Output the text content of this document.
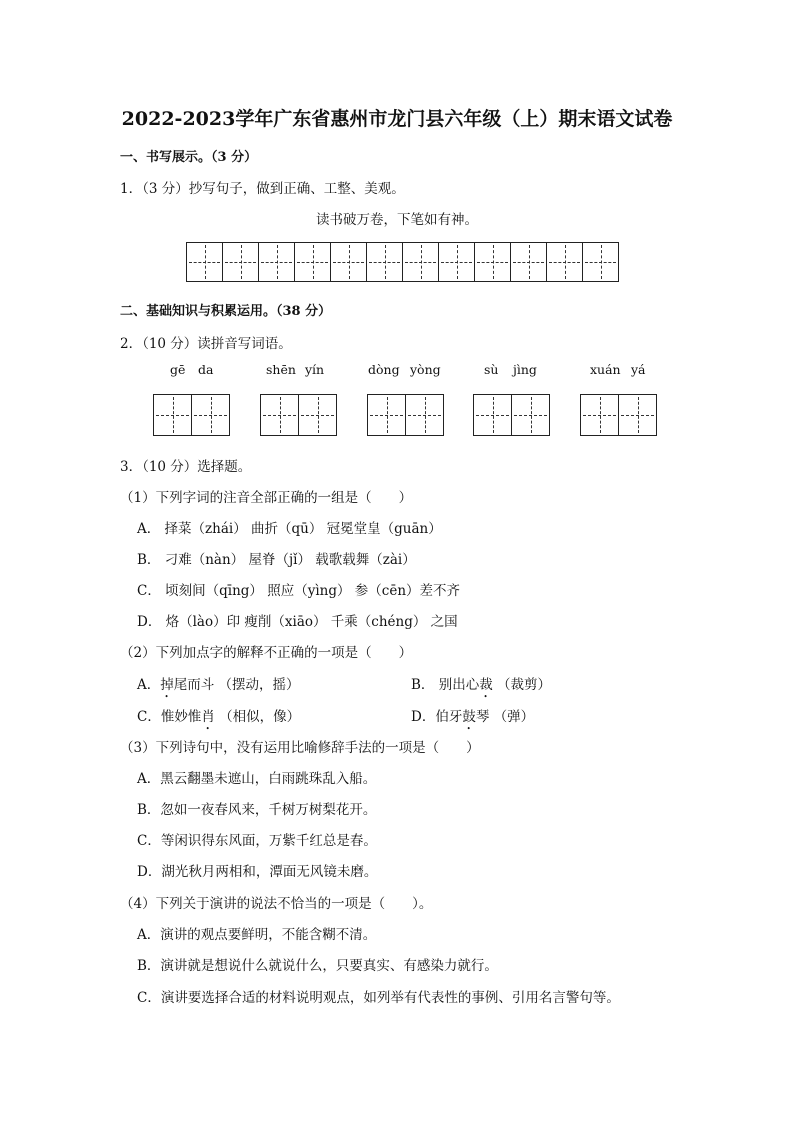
2022-2023学年广东省惠州市龙门县六年级（上）期末语文试卷
一、书写展示。（3 分）
1．（3 分）抄写句子，做到正确、工整、美观。
读书破万卷，下笔如有神。
二、基础知识与积累运用。（38 分）
2．（10 分）读拼音写词语。
gē da	shēn yín	dòng yòng	sù jìng	xuán yá
3．（10 分）选择题。
（1）下列字词的注音全部正确的一组是（　　）
A． 择菜（zhái） 曲折（qū） 冠冕堂皇（guān）
B． 刁难（nàn） 屋脊（jǐ） 载歌载舞（zài）
C． 顷刻间（qīng） 照应（yìng） 参（cēn）差不齐
D． 烙（lào）印 瘦削（xiāo） 千乘（chéng） 之国
（2）下列加点字的解释不正确的一项是（　　）
A．掉尾而斗 （摆动，摇）	B． 别出心裁 （裁剪）
C．惟妙惟肖 （相似，像）	D．伯牙鼓琴 （弹）
（3）下列诗句中，没有运用比喻修辞手法的一项是（　　）
A．黑云翻墨未遮山，白雨跳珠乱入船。
B．忽如一夜春风来，千树万树梨花开。
C．等闲识得东风面，万紫千红总是春。
D．湖光秋月两相和，潭面无风镜未磨。
（4）下列关于演讲的说法不恰当的一项是（　　）。
A．演讲的观点要鲜明，不能含糊不清。
B．演讲就是想说什么就说什么，只要真实、有感染力就行。
C．演讲要选择合适的材料说明观点，如列举有代表性的事例、引用名言警句等。
